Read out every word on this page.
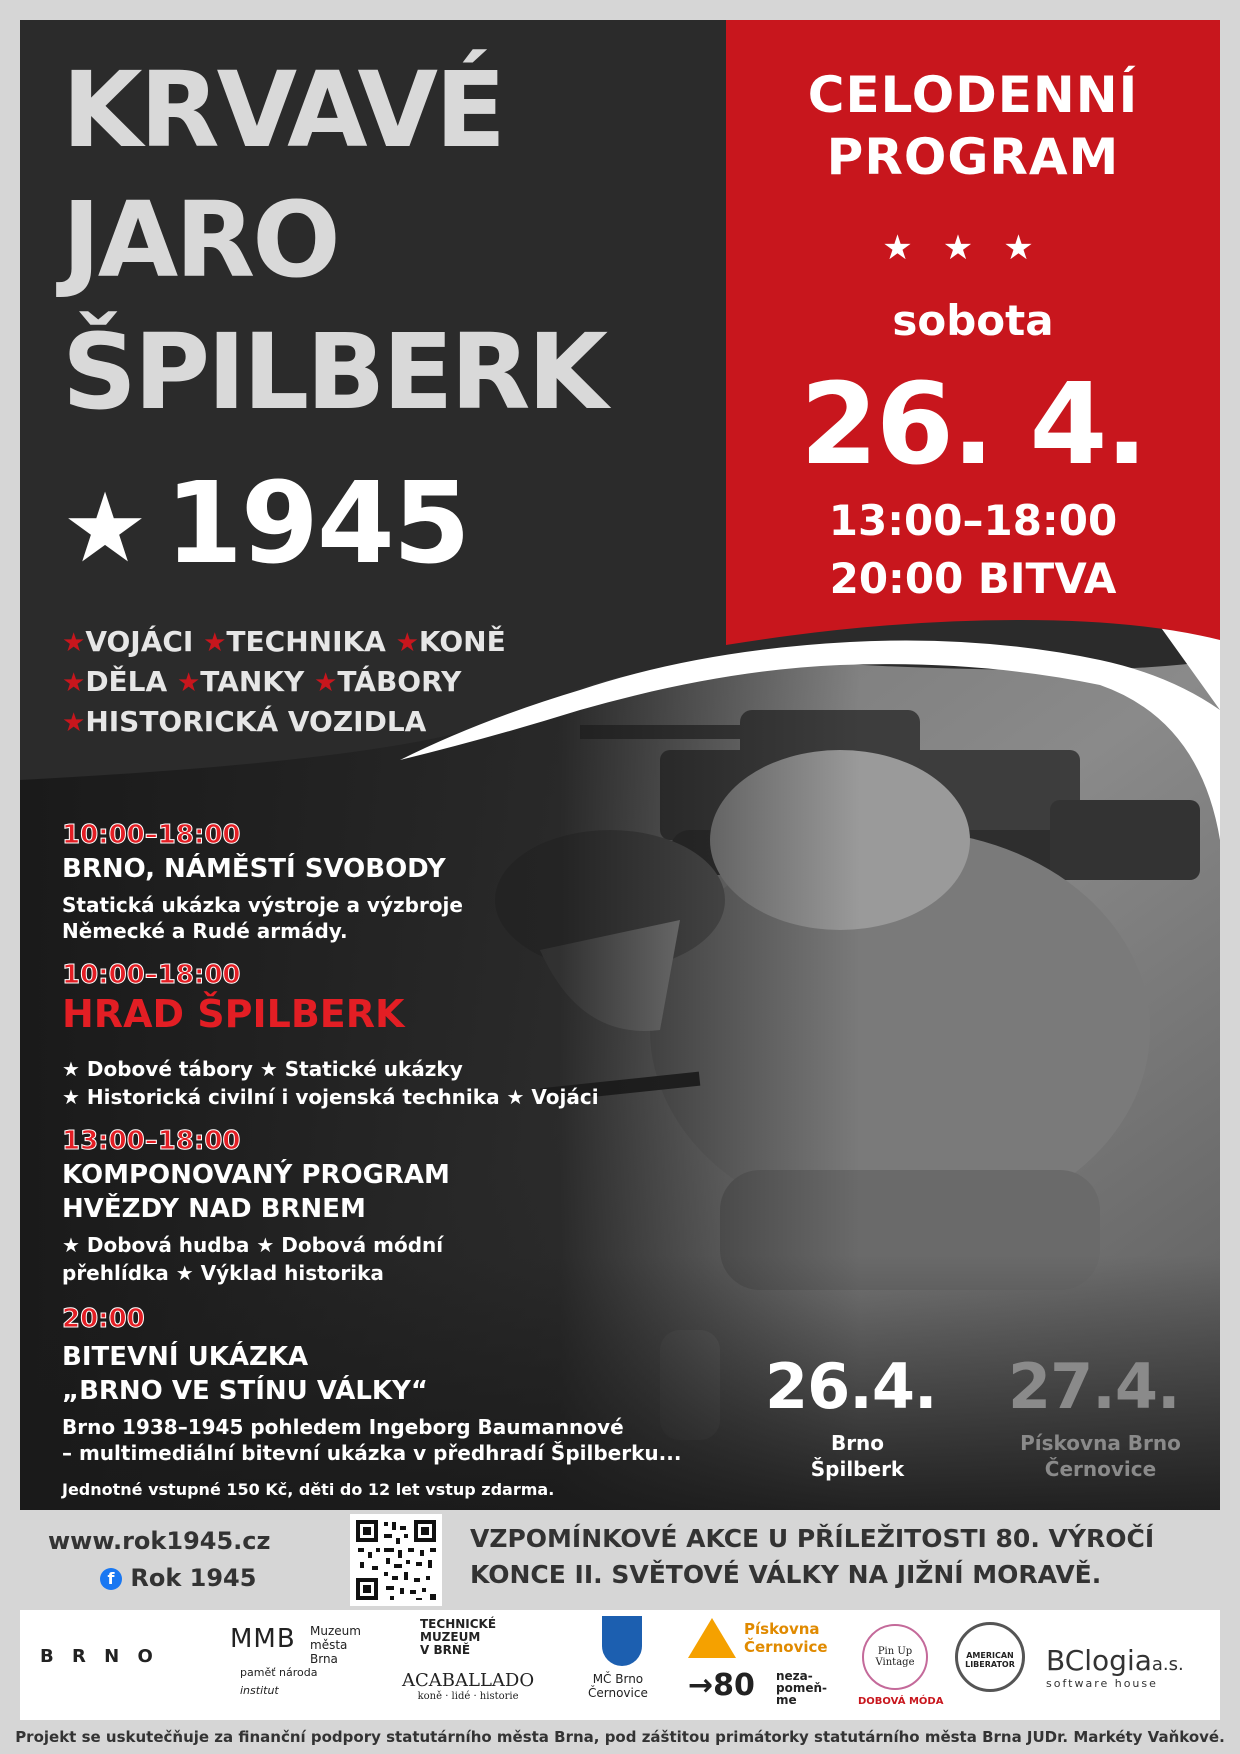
KRVAVÉ
JARO
ŠPILBERK
★ 1945
★VOJÁCI ★TECHNIKA ★KONĚ
★DĚLA ★TANKY ★TÁBORY
★HISTORICKÁ VOZIDLA
CELODENNÍ
PROGRAM
★★★
sobota
26. 4.
13:00–18:00
20:00 BITVA
10:00–18:00
BRNO, NÁMĚSTÍ SVOBODY
Statická ukázka výstroje a výzbroje
Německé a Rudé armády.
10:00–18:00
HRAD ŠPILBERK
★ Dobové tábory ★ Statické ukázky
★ Historická civilní i vojenská technika ★ Vojáci
13:00–18:00
KOMPONOVANÝ PROGRAM
HVĚZDY NAD BRNEM
★ Dobová hudba ★ Dobová módní
přehlídka ★ Výklad historika
20:00
BITEVNÍ UKÁZKA
„BRNO VE STÍNU VÁLKY“
Brno 1938–1945 pohledem Ingeborg Baumannové
– multimediální bitevní ukázka v předhradí Špilberku...
Jednotné vstupné 150 Kč, děti do 12 let vstup zdarma.
26.4.
Brno
Špilberk
27.4.
Pískovna Brno
Černovice
www.rok1945.cz
f Rok 1945
VZPOMÍNKOVÉ AKCE U PŘÍLEŽITOSTI 80. VÝROČÍ
KONCE II. SVĚTOVÉ VÁLKY NA JIŽNÍ MORAVĚ.
B R N O
MMB Muzeum
města Brna
paměť národa
institut
TECHNICKÉ
MUZEUM
V BRNĚ
ACABALLADO
koně · lidé · historie
MČ Brno
Černovice
Pískovna
Černovice
→80 neza-
pomeň-
me
Pin Up Vintage
DOBOVÁ MÓDA
AMERICAN LIBERATOR	BClogiaa.s.
software house
Projekt se uskutečňuje za finanční podpory statutárního města Brna, pod záštitou primátorky statutárního města Brna JUDr. Markéty Vaňkové.
